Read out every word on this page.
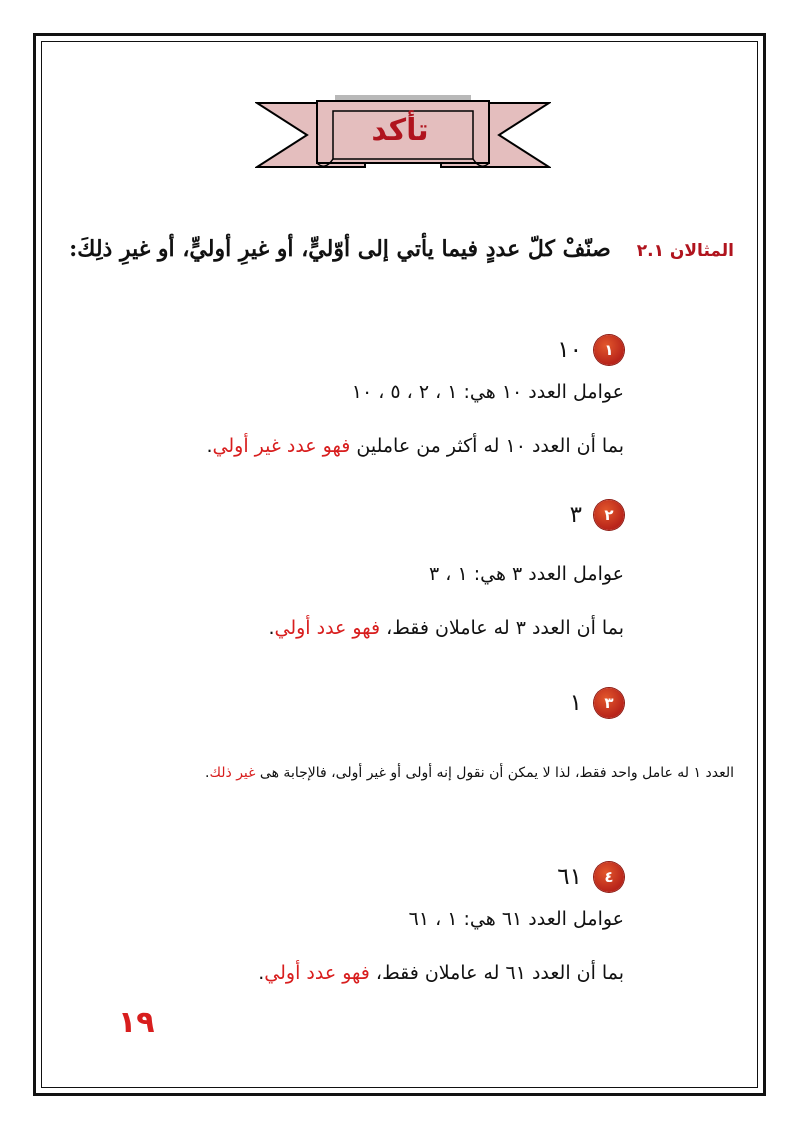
تأكد
المثالان ٢.١صنّفْ كلّ عددٍ فيما يأتي إلى أوّليٍّ، أو غيرِ أوليٍّ، أو غيرِ ذلِكَ:
١
١٠
عوامل العدد ١٠ هي: ١ ، ٢ ، ٥ ، ١٠
بما أن العدد ١٠ له أكثر من عاملين فهو عدد غير أولي.
٢
٣
عوامل العدد ٣ هي: ١ ، ٣
بما أن العدد ٣ له عاملان فقط، فهو عدد أولي.
٣
١
العدد ١ له عامل واحد فقط، لذا لا يمكن أن نقول إنه أولى أو غير أولى، فالإجابة هى غير ذلك.
٤
٦١
عوامل العدد ٦١ هي: ١ ، ٦١
بما أن العدد ٦١ له عاملان فقط، فهو عدد أولي.
١٩
